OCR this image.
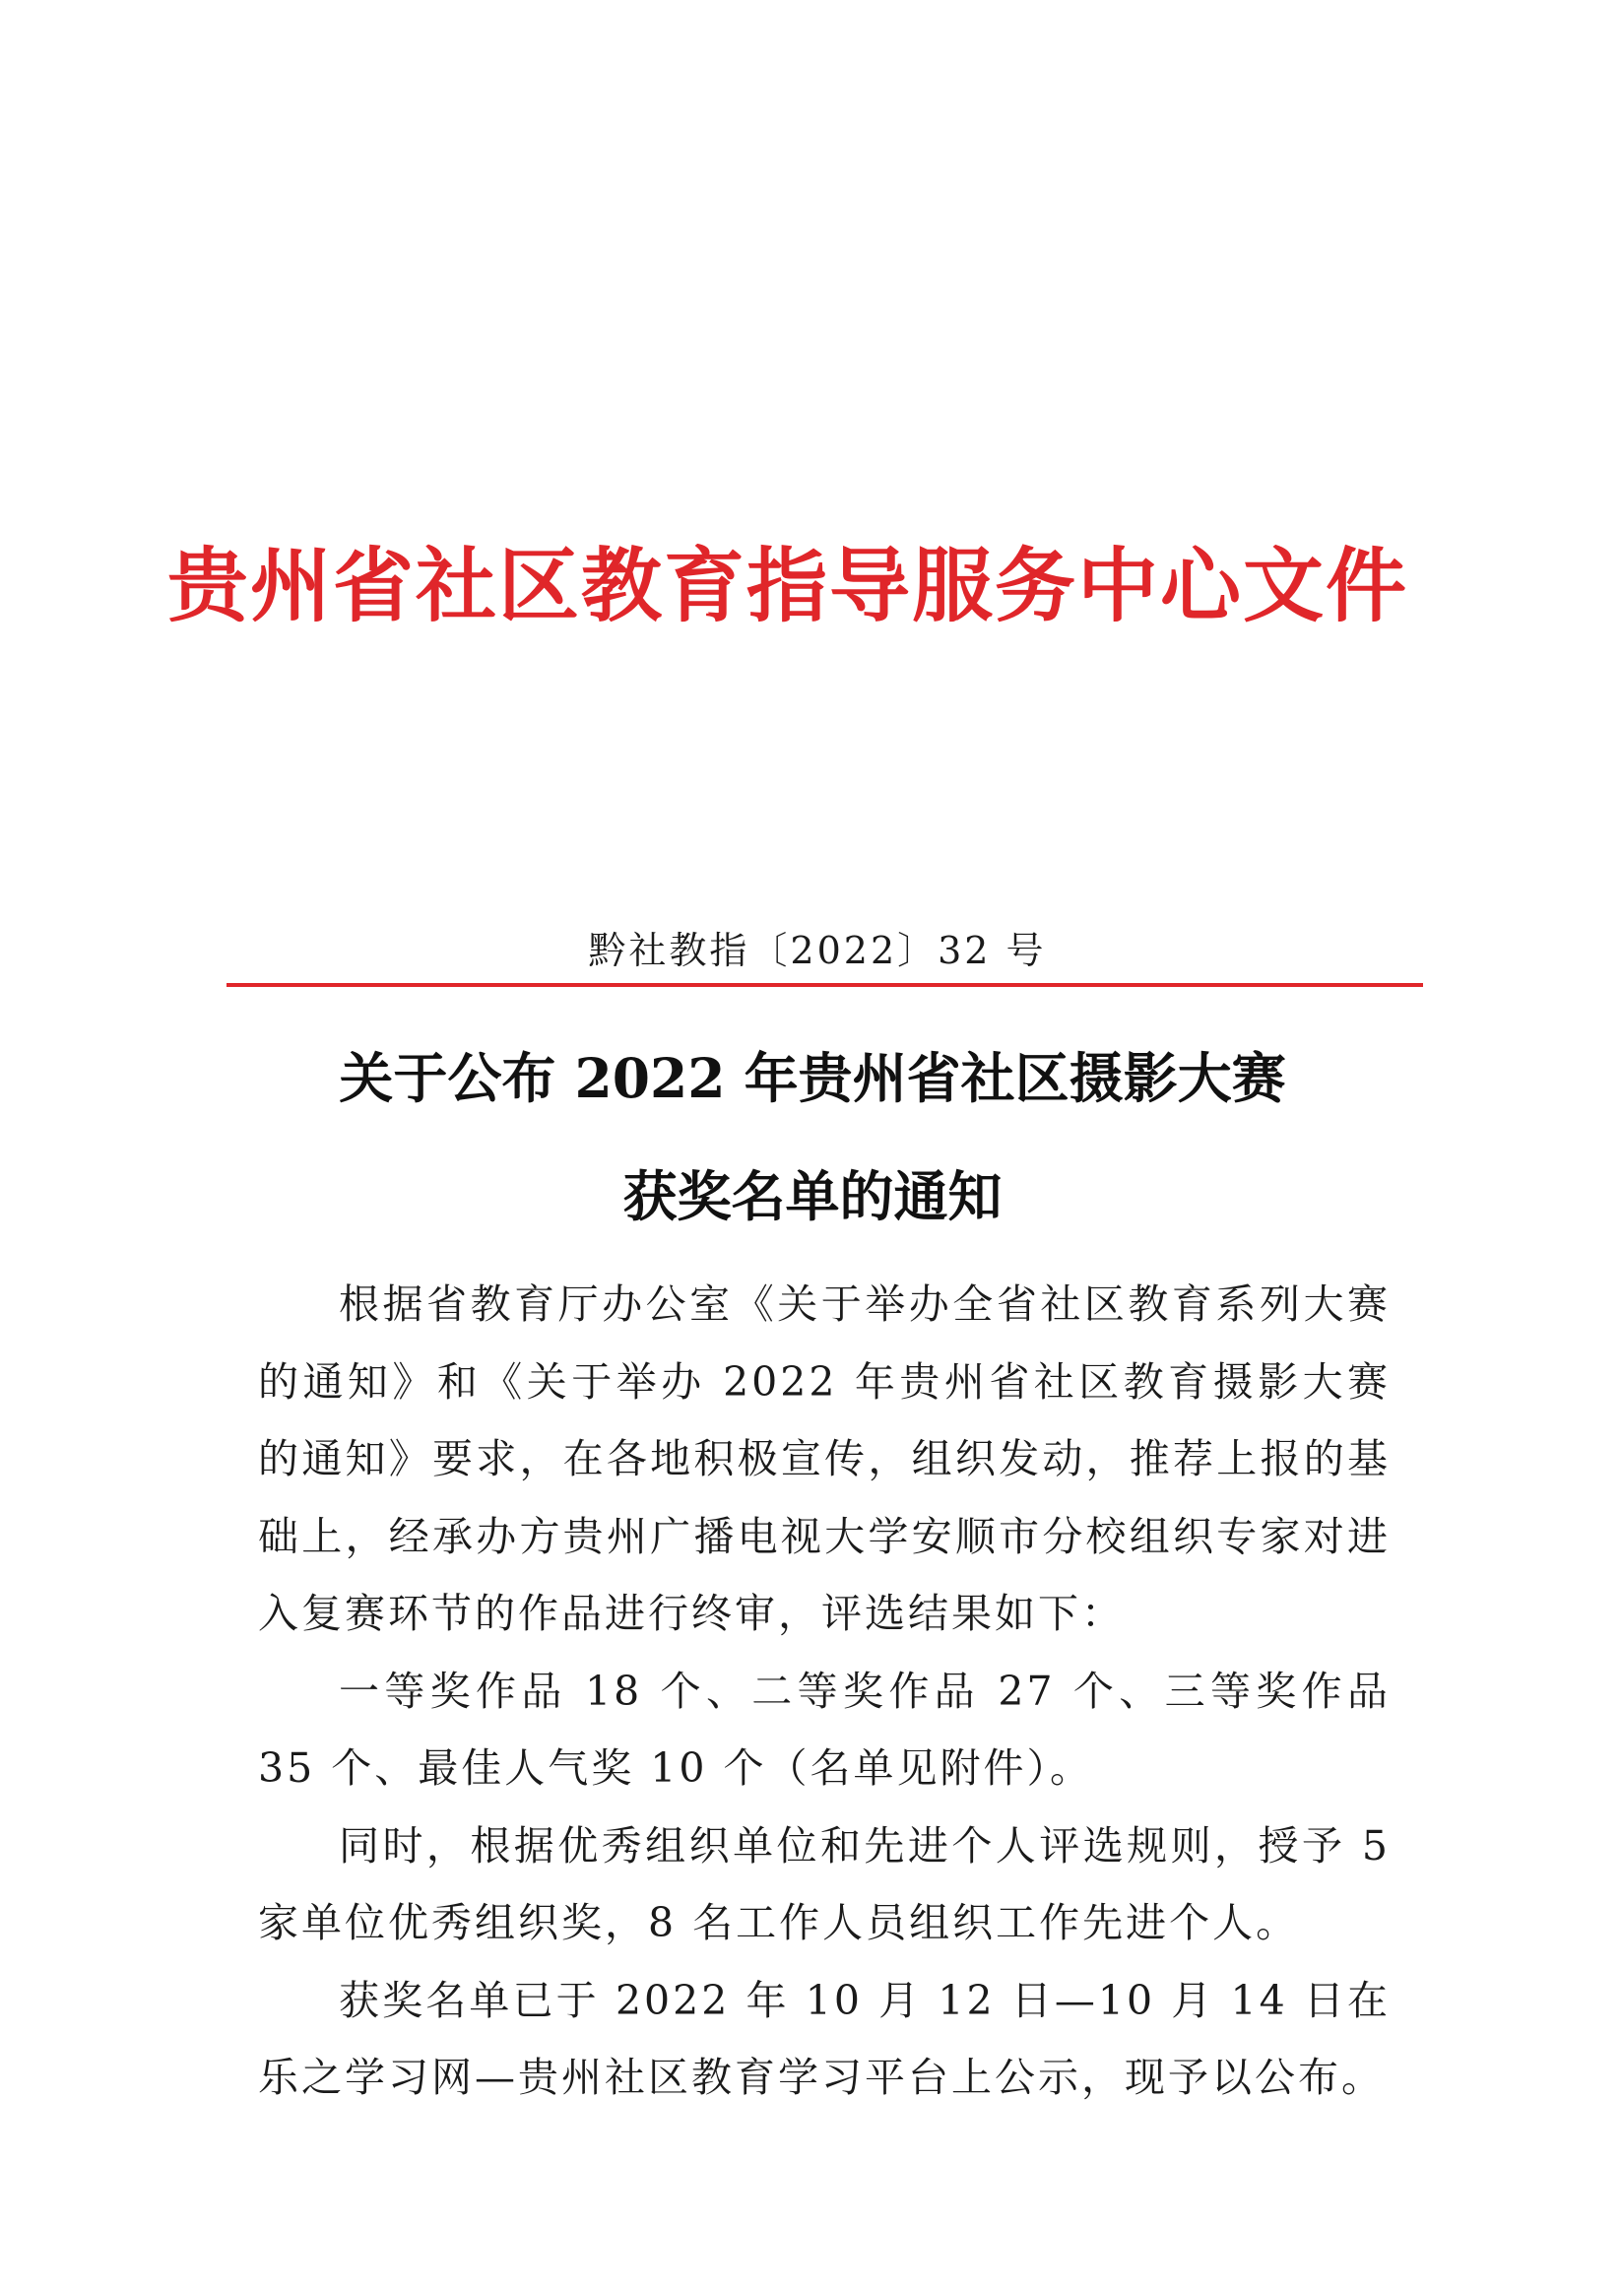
贵州省社区教育指导服务中心文件
黔社教指〔2022〕32 号
关于公布 2022 年贵州省社区摄影大赛
获奖名单的通知

根据省教育厅办公室《关于举办全省社区教育系列大赛的通知》和《关于举办 2022 年贵州省社区教育摄影大赛的通知》要求，在各地积极宣传，组织发动，推荐上报的基础上，经承办方贵州广播电视大学安顺市分校组织专家对进入复赛环节的作品进行终审，评选结果如下：

一等奖作品 18 个、二等奖作品 27 个、三等奖作品 35 个、最佳人气奖 10 个（名单见附件）。

同时，根据优秀组织单位和先进个人评选规则，授予 5 家单位优秀组织奖，8 名工作人员组织工作先进个人。

获奖名单已于 2022 年 10 月 12 日—10 月 14 日在乐之学习网—贵州社区教育学习平台上公示，现予以公布。
